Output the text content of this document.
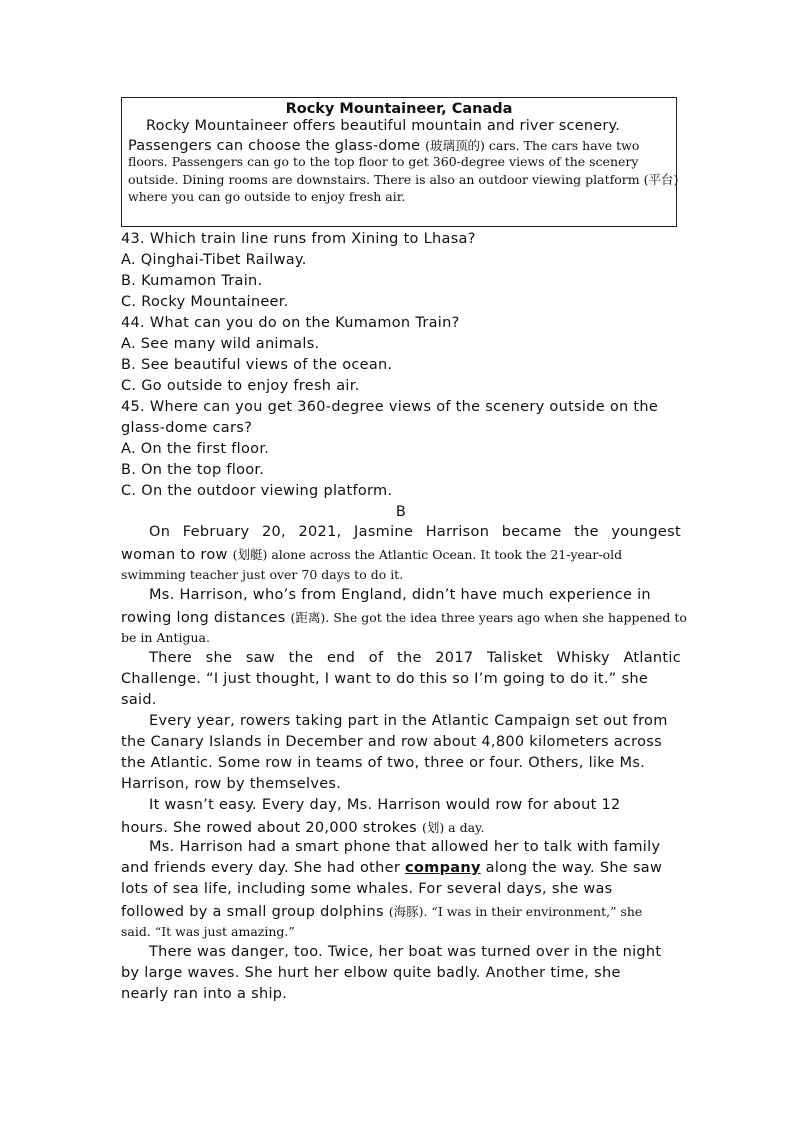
Rocky Mountaineer, Canada
Rocky Mountaineer offers beautiful mountain and river scenery.
Passengers can choose the glass-dome (玻璃顶的) cars. The cars have two
floors. Passengers can go to the top floor to get 360-degree views of the scenery
outside. Dining rooms are downstairs. There is also an outdoor viewing platform (平台)
where you can go outside to enjoy fresh air.
43. Which train line runs from Xining to Lhasa?
A. Qinghai-Tibet Railway.
B. Kumamon Train.
C. Rocky Mountaineer.
44. What can you do on the Kumamon Train?
A. See many wild animals.
B. See beautiful views of the ocean.
C. Go outside to enjoy fresh air.
45. Where can you get 360-degree views of the scenery outside on the
glass-dome cars?
A. On the first floor.
B. On the top floor.
C. On the outdoor viewing platform.
B
On February 20, 2021, Jasmine Harrison became the youngest
woman to row (划艇) alone across the Atlantic Ocean. It took the 21-year-old
swimming teacher just over 70 days to do it.
Ms. Harrison, who’s from England, didn’t have much experience in
rowing long distances (距离). She got the idea three years ago when she happened to
be in Antigua.
There she saw the end of the 2017 Talisket Whisky Atlantic
Challenge. “I just thought, I want to do this so I’m going to do it.” she
said.
Every year, rowers taking part in the Atlantic Campaign set out from
the Canary Islands in December and row about 4,800 kilometers across
the Atlantic. Some row in teams of two, three or four. Others, like Ms.
Harrison, row by themselves.
It wasn’t easy. Every day, Ms. Harrison would row for about 12
hours. She rowed about 20,000 strokes (划) a day.
Ms. Harrison had a smart phone that allowed her to talk with family
and friends every day. She had other company along the way. She saw
lots of sea life, including some whales. For several days, she was
followed by a small group dolphins (海豚). “I was in their environment,” she
said. “It was just amazing.”
There was danger, too. Twice, her boat was turned over in the night
by large waves. She hurt her elbow quite badly. Another time, she
nearly ran into a ship.
